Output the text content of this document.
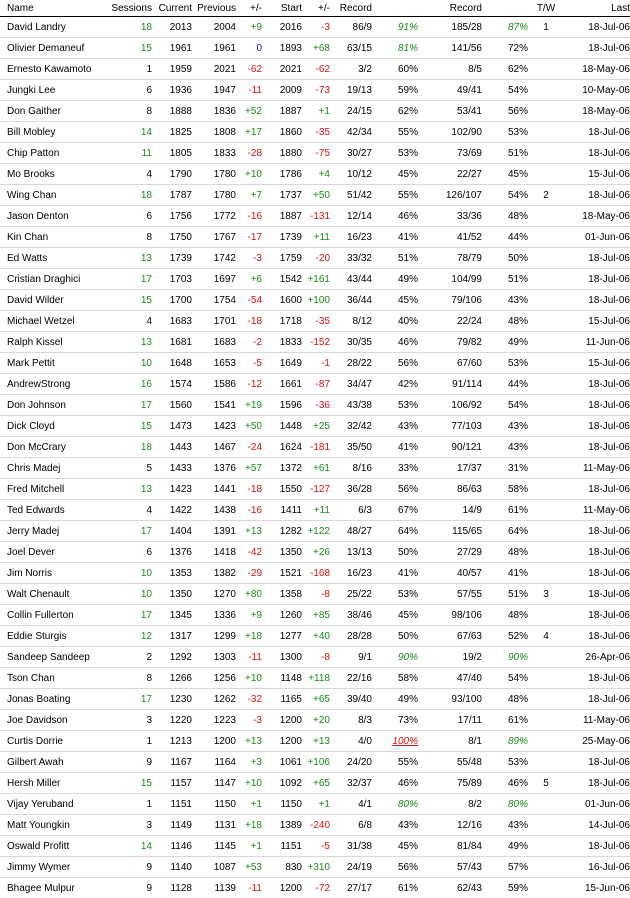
Name	Sessions	Current	Previous	+/-	Start	+/-	Record		Record		T/W	Last
David Landry	18	2013	2004	+9	2016	-3	86/9	91%	185/28	87%	1	18-Jul-06
Olivier Demaneuf	15	1961	1961	0	1893	+68	63/15	81%	141/56	72%		18-Jul-06
Ernesto Kawamoto	1	1959	2021	-62	2021	-62	3/2	60%	8/5	62%		18-May-06
Jungki Lee	6	1936	1947	-11	2009	-73	19/13	59%	49/41	54%		10-May-06
Don Gaither	8	1888	1836	+52	1887	+1	24/15	62%	53/41	56%		18-May-06
Bill Mobley	14	1825	1808	+17	1860	-35	42/34	55%	102/90	53%		18-Jul-06
Chip Patton	11	1805	1833	-28	1880	-75	30/27	53%	73/69	51%		18-Jul-06
Mo Brooks	4	1790	1780	+10	1786	+4	10/12	45%	22/27	45%		15-Jul-06
Wing Chan	18	1787	1780	+7	1737	+50	51/42	55%	126/107	54%	2	18-Jul-06
Jason Denton	6	1756	1772	-16	1887	-131	12/14	46%	33/36	48%		18-May-06
Kin Chan	8	1750	1767	-17	1739	+11	16/23	41%	41/52	44%		01-Jun-06
Ed Watts	13	1739	1742	-3	1759	-20	33/32	51%	78/79	50%		18-Jul-06
Cristian Draghici	17	1703	1697	+6	1542	+161	43/44	49%	104/99	51%		18-Jul-06
David Wilder	15	1700	1754	-54	1600	+100	36/44	45%	79/106	43%		18-Jul-06
Michael Wetzel	4	1683	1701	-18	1718	-35	8/12	40%	22/24	48%		15-Jul-06
Ralph Kissel	13	1681	1683	-2	1833	-152	30/35	46%	79/82	49%		11-Jun-06
Mark Pettit	10	1648	1653	-5	1649	-1	28/22	56%	67/60	53%		15-Jul-06
AndrewStrong	16	1574	1586	-12	1661	-87	34/47	42%	91/114	44%		18-Jul-06
Don Johnson	17	1560	1541	+19	1596	-36	43/38	53%	106/92	54%		18-Jul-06
Dick Cloyd	15	1473	1423	+50	1448	+25	32/42	43%	77/103	43%		18-Jul-06
Don McCrary	18	1443	1467	-24	1624	-181	35/50	41%	90/121	43%		18-Jul-06
Chris Madej	5	1433	1376	+57	1372	+61	8/16	33%	17/37	31%		11-May-06
Fred Mitchell	13	1423	1441	-18	1550	-127	36/28	56%	86/63	58%		18-Jul-06
Ted Edwards	4	1422	1438	-16	1411	+11	6/3	67%	14/9	61%		11-May-06
Jerry Madej	17	1404	1391	+13	1282	+122	48/27	64%	115/65	64%		18-Jul-06
Joel Dever	6	1376	1418	-42	1350	+26	13/13	50%	27/29	48%		18-Jul-06
Jim Norris	10	1353	1382	-29	1521	-168	16/23	41%	40/57	41%		18-Jul-06
Walt Chenault	10	1350	1270	+80	1358	-8	25/22	53%	57/55	51%	3	18-Jul-06
Collin Fullerton	17	1345	1336	+9	1260	+85	38/46	45%	98/106	48%		18-Jul-06
Eddie Sturgis	12	1317	1299	+18	1277	+40	28/28	50%	67/63	52%	4	18-Jul-06
Sandeep Sandeep	2	1292	1303	-11	1300	-8	9/1	90%	19/2	90%		26-Apr-06
Tson Chan	8	1266	1256	+10	1148	+118	22/16	58%	47/40	54%		18-Jul-06
Jonas Boating	17	1230	1262	-32	1165	+65	39/40	49%	93/100	48%		18-Jul-06
Joe Davidson	3	1220	1223	-3	1200	+20	8/3	73%	17/11	61%		11-May-06
Curtis Dorrie	1	1213	1200	+13	1200	+13	4/0	100%	8/1	89%		25-May-06
Gilbert Awah	9	1167	1164	+3	1061	+106	24/20	55%	55/48	53%		18-Jul-06
Hersh Miller	15	1157	1147	+10	1092	+65	32/37	46%	75/89	46%	5	18-Jul-06
Vijay Yeruband	1	1151	1150	+1	1150	+1	4/1	80%	8/2	80%		01-Jun-06
Matt Youngkin	3	1149	1131	+18	1389	-240	6/8	43%	12/16	43%		14-Jul-06
Oswald Profitt	14	1146	1145	+1	1151	-5	31/38	45%	81/84	49%		18-Jul-06
Jimmy Wymer	9	1140	1087	+53	830	+310	24/19	56%	57/43	57%		16-Jul-06
Bhagee Mulpur	9	1128	1139	-11	1200	-72	27/17	61%	62/43	59%		15-Jun-06
